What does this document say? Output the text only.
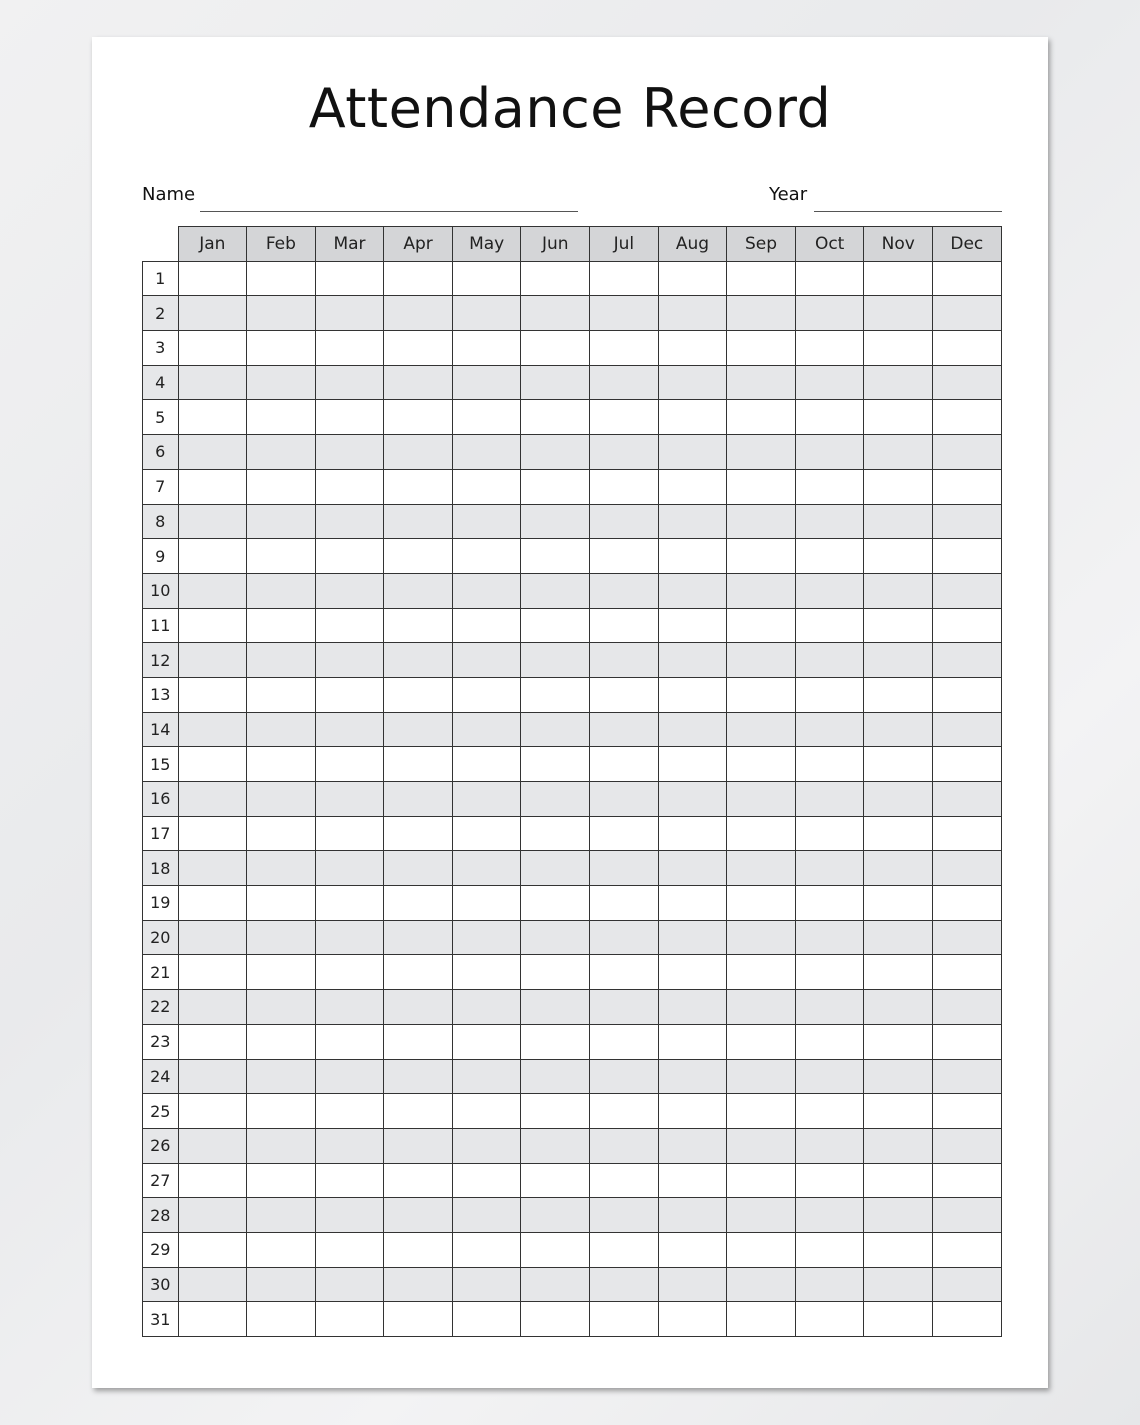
Attendance Record
Name	Year
	Jan	Feb	Mar	Apr	May	Jun	Jul	Aug	Sep	Oct	Nov	Dec
1												
2												
3												
4												
5												
6												
7												
8												
9												
10												
11												
12												
13												
14												
15												
16												
17												
18												
19												
20												
21												
22												
23												
24												
25												
26												
27												
28												
29												
30												
31												
